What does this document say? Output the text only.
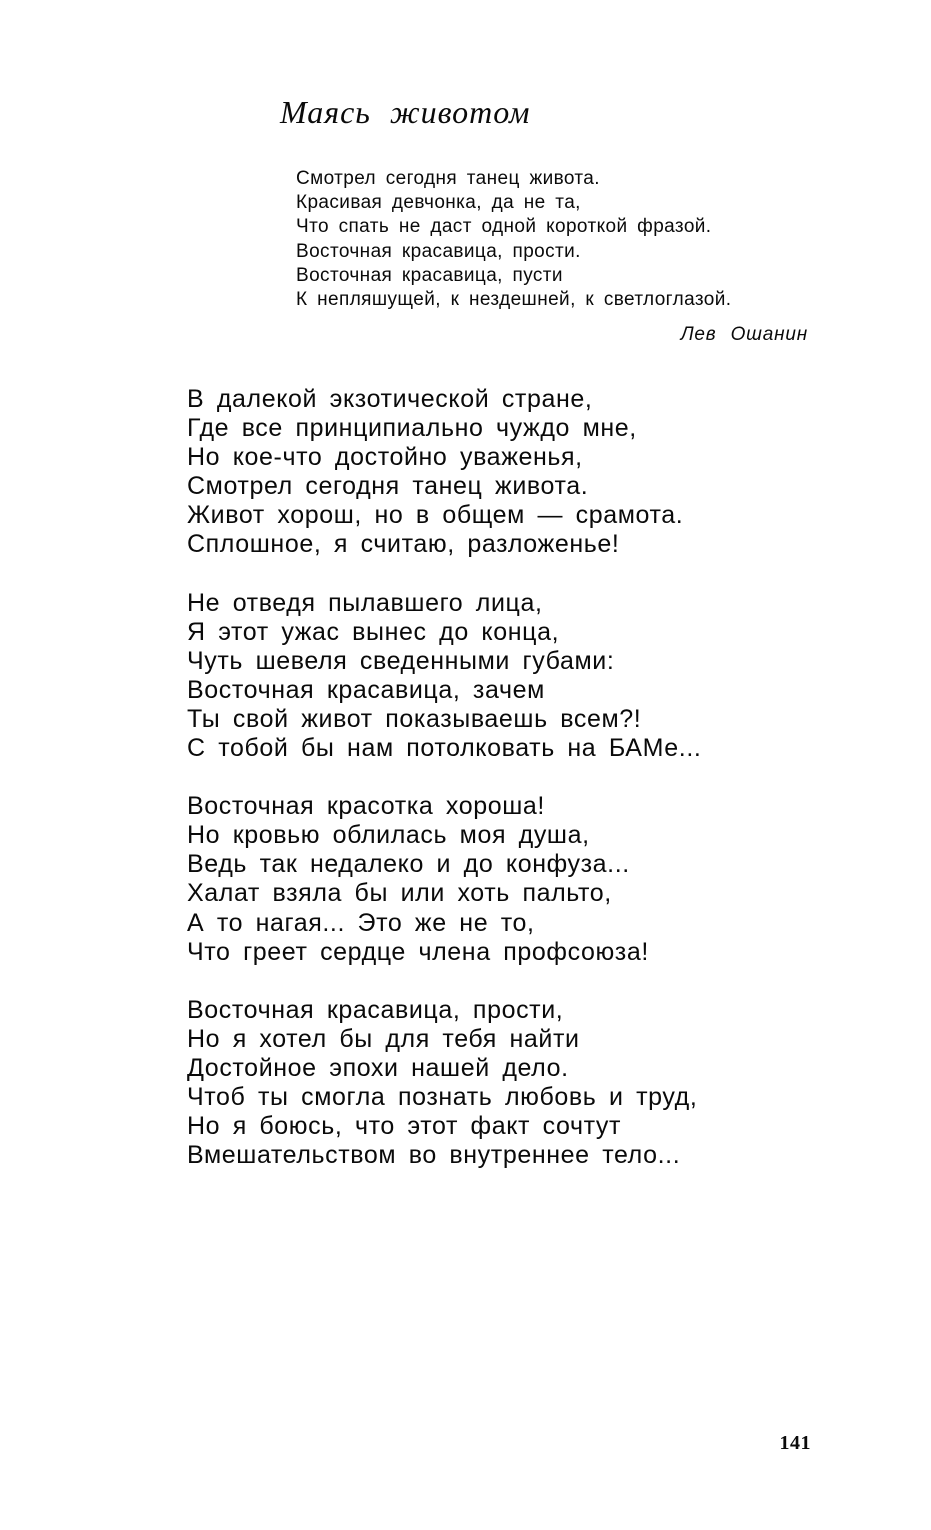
Маясь животом
Смотрел сегодня танец живота.
Красивая девчонка, да не та,
Что спать не даст одной короткой фразой.
Восточная красавица, прости.
Восточная красавица, пусти
К непляшущей, к нездешней, к светлоглазой.
Лев Ошанин
В далекой экзотической стране,
Где все принципиально чуждо мне,
Но кое-что достойно уваженья,
Смотрел сегодня танец живота.
Живот хорош, но в общем — срамота.
Сплошное, я считаю, разложенье!
Не отведя пылавшего лица,
Я этот ужас вынес до конца,
Чуть шевеля сведенными губами:
Восточная красавица, зачем
Ты свой живот показываешь всем?!
С тобой бы нам потолковать на БАМе...
Восточная красотка хороша!
Но кровью облилась моя душа,
Ведь так недалеко и до конфуза...
Халат взяла бы или хоть пальто,
А то нагая... Это же не то,
Что греет сердце члена профсоюза!
Восточная красавица, прости,
Но я хотел бы для тебя найти
Достойное эпохи нашей дело.
Чтоб ты смогла познать любовь и труд,
Но я боюсь, что этот факт сочтут
Вмешательством во внутреннее тело...
141
